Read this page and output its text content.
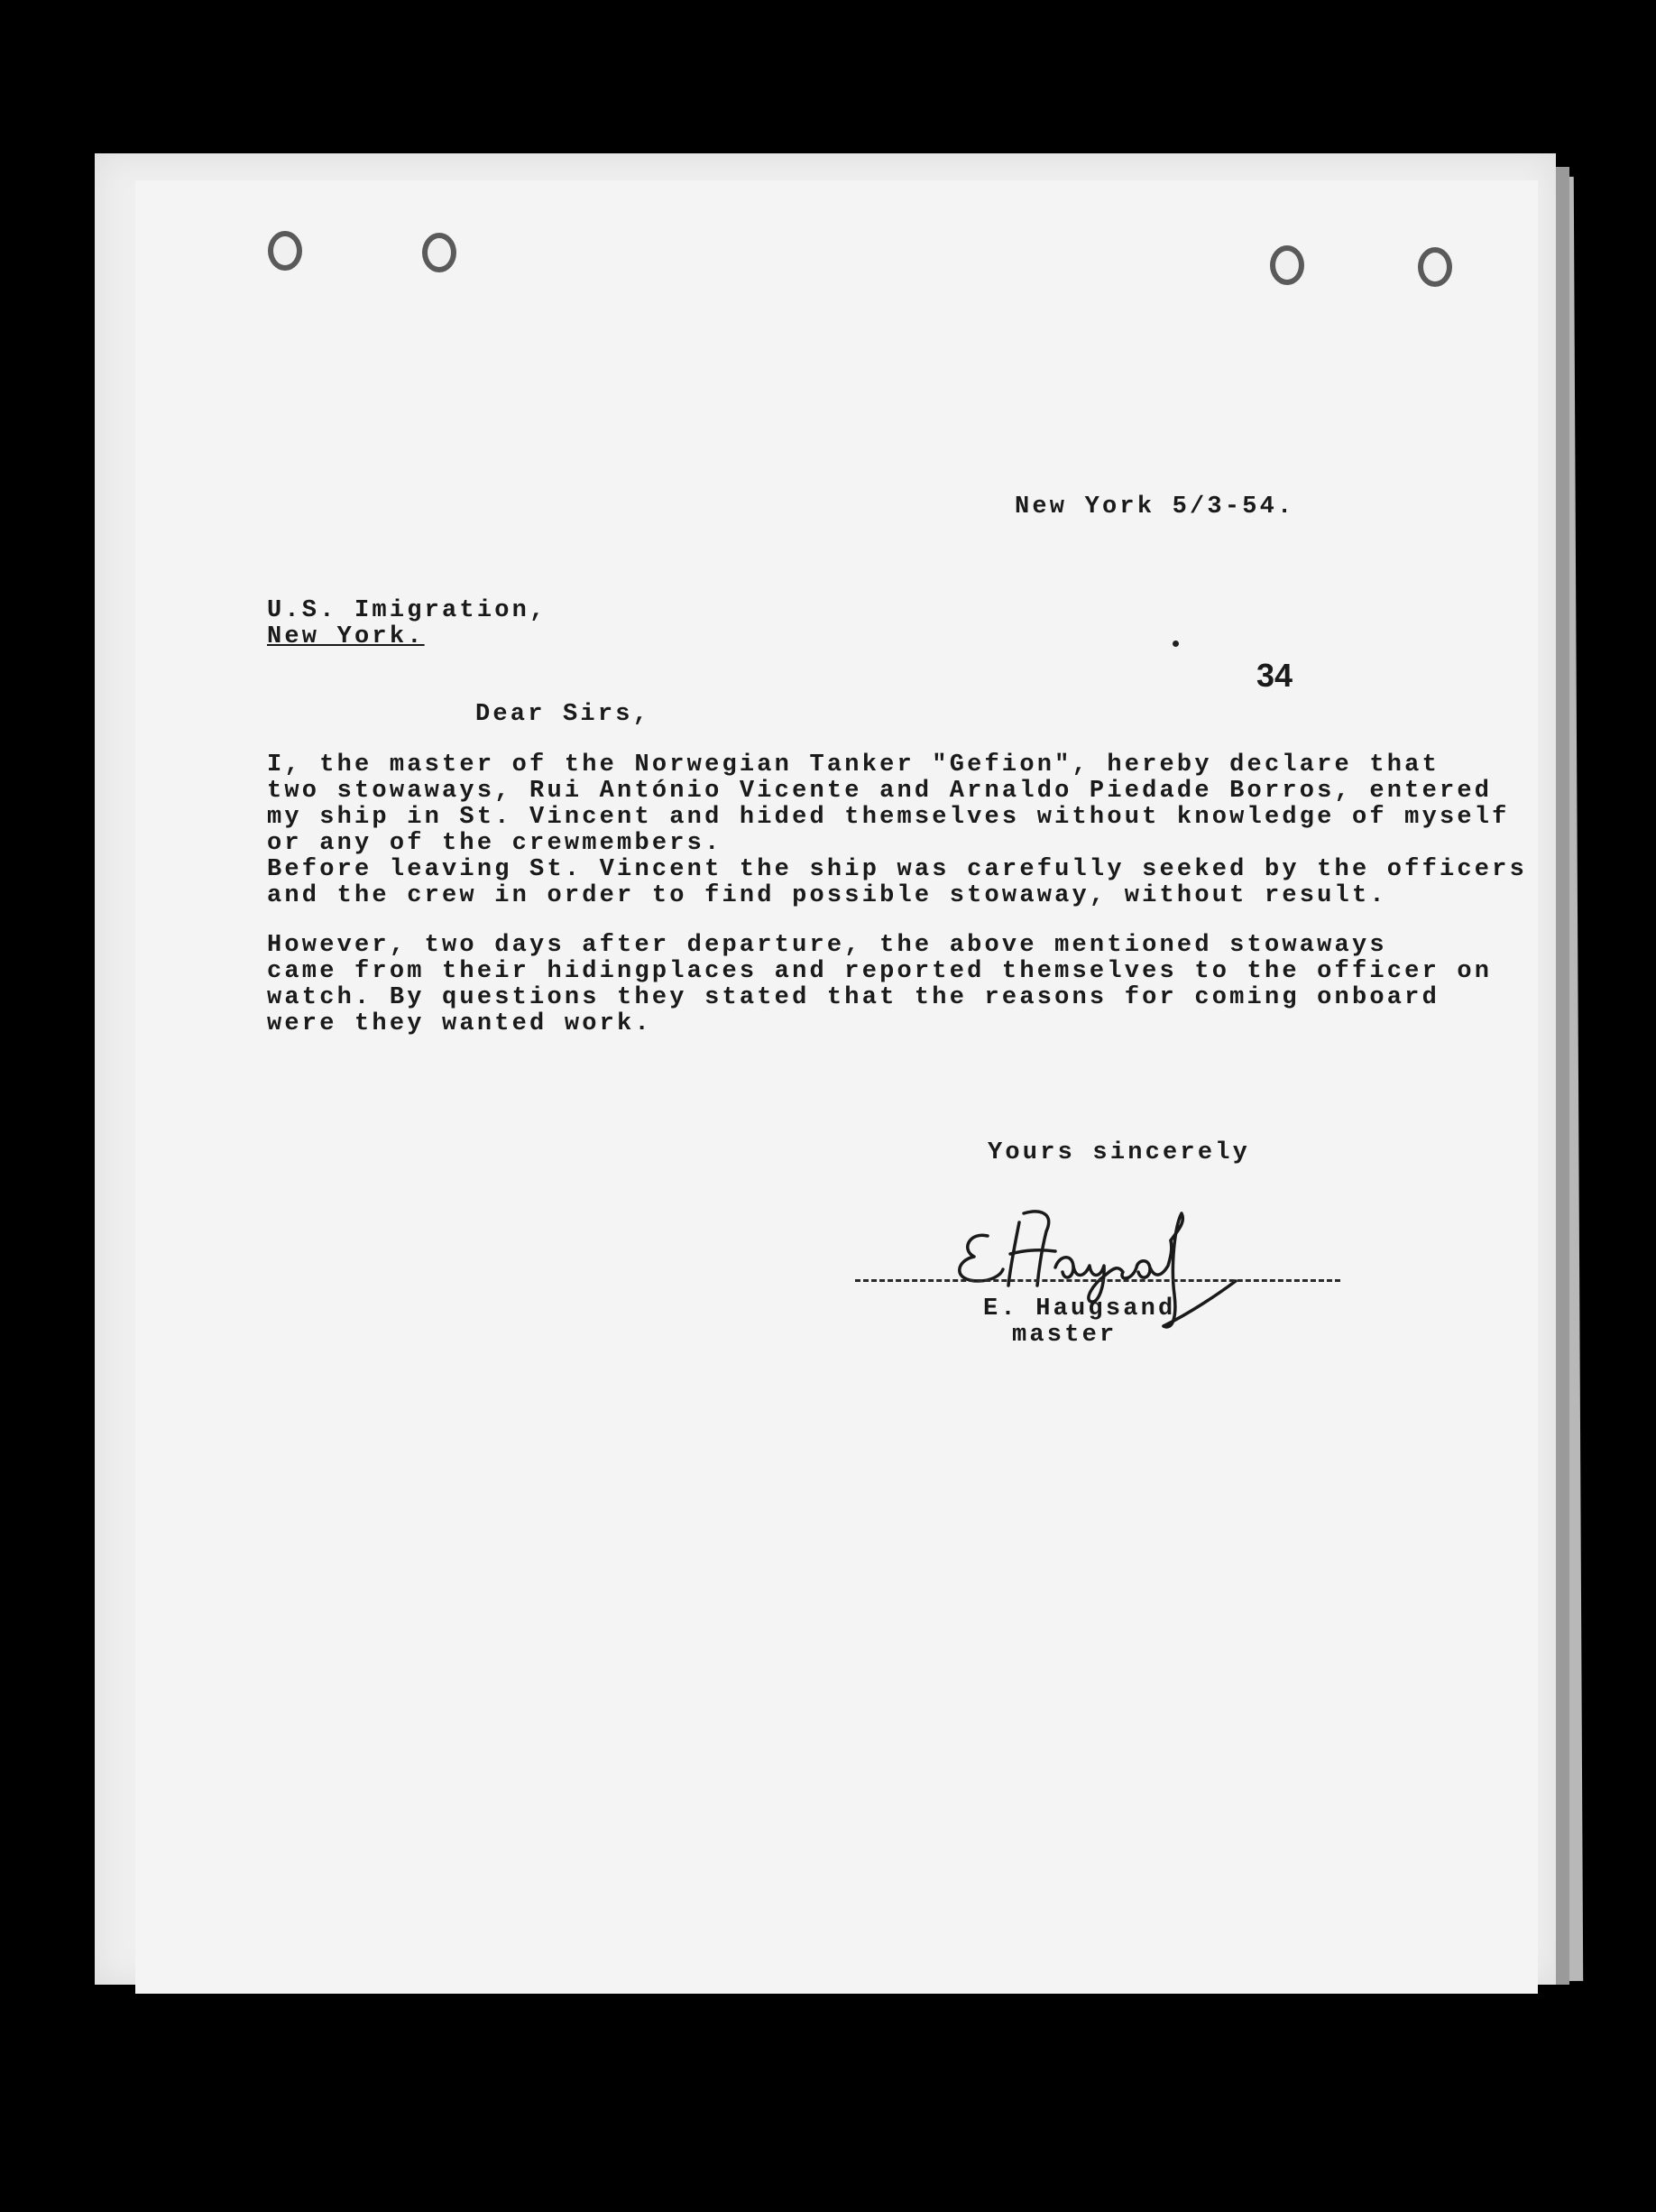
New York 5/3-54.
U.S. Imigration,
New York.
34
Dear Sirs,
I, the master of the Norwegian Tanker "Gefion", hereby declare that
two stowaways, Rui António Vicente and Arnaldo Piedade Borros, entered
my ship in St. Vincent and hided themselves without knowledge of myself
or any of the crewmembers.
Before leaving St. Vincent the ship was carefully seeked by the officers
and the crew in order to find possible stowaway, without result.
However, two days after departure, the above mentioned stowaways
came from their hidingplaces and reported themselves to the officer on
watch. By questions they stated that the reasons for coming onboard
were they wanted work.
Yours sincerely
E. Haugsand
master
